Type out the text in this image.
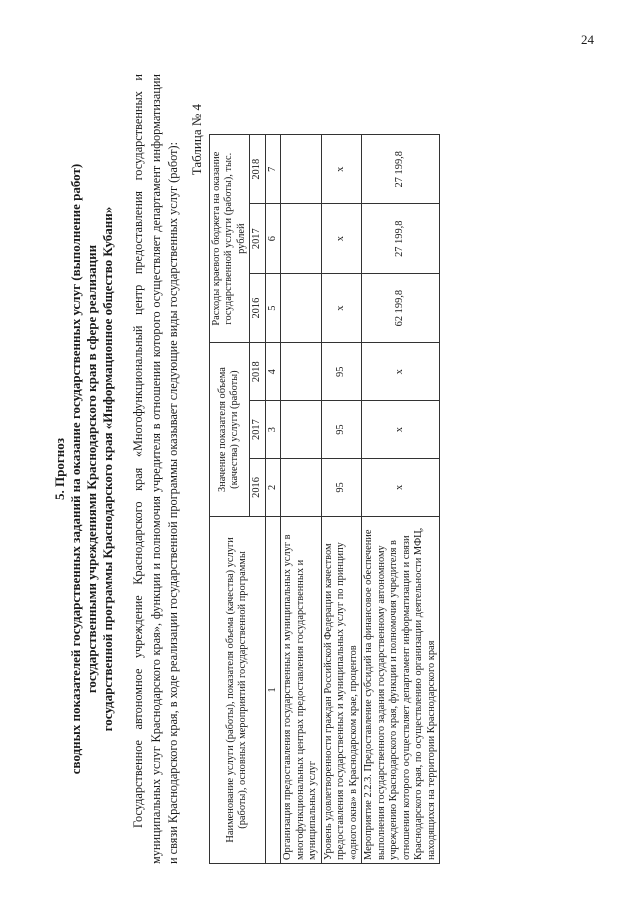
24
5. Прогноз сводных показателей государственных заданий на оказание государственных услуг (выполнение работ) государственными учреждениями Краснодарского края в сфере реализации государственной программы Краснодарского края «Информационное общество Кубани» Государственное автономное учреждение Краснодарского края «Многофункциональный центр предоставления государственных и муниципальных услуг Краснодарского края», функции и полномочия учредителя в отношении которого осуществляет департамент информатизации и связи Краснодарского края, в ходе реализации государственной программы оказывает следующие виды государственных услуг (работ):
Таблица № 4
Наименование услуги (работы), показателя объема (качества) услуги (работы), основных мероприятий государственной программы	Значение показателя объема (качества) услуги (работы)			Расходы краевого бюджета на оказание государственной услуги (работы), тыс. рублей		
	2016	2017	2018	2016	2017	2018
1	2	3	4	5	6	7
Организация предоставления государственных и муниципальных услуг в многофункциональных центрах предоставления государственных и муниципальных услуг						
Уровень удовлетворенности граждан Российской Федерации качеством предоставления государственных и муниципальных услуг по принципу «одного окна» в Краснодарском крае, процентов	95	95	95	x	x	x
Мероприятие 2.2.3. Предоставление субсидий на финансовое обеспечение выполнения государственного задания государственному автономному учреждению Краснодарского края, функции и полномочия учредителя в отношении которого осуществляет департамент информатизации и связи Краснодарского края, по осуществлению организации деятельности МФЦ, находящихся на территории Краснодарского края	x	x	x	62 199,8	27 199,8	27 199,8
